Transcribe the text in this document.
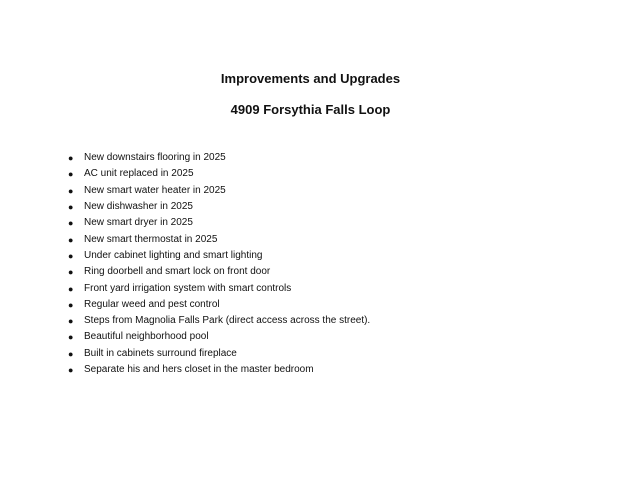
Improvements and Upgrades
4909 Forsythia Falls Loop
●	New downstairs flooring in 2025
●	AC unit replaced in 2025
●	New smart water heater in 2025
●	New dishwasher in 2025
●	New smart dryer in 2025
●	New smart thermostat in 2025
●	Under cabinet lighting and smart lighting
●	Ring doorbell and smart lock on front door
●	Front yard irrigation system with smart controls
●	Regular weed and pest control
●	Steps from Magnolia Falls Park (direct access across the street).
●	Beautiful neighborhood pool
●	Built in cabinets surround fireplace
●	Separate his and hers closet in the master bedroom
